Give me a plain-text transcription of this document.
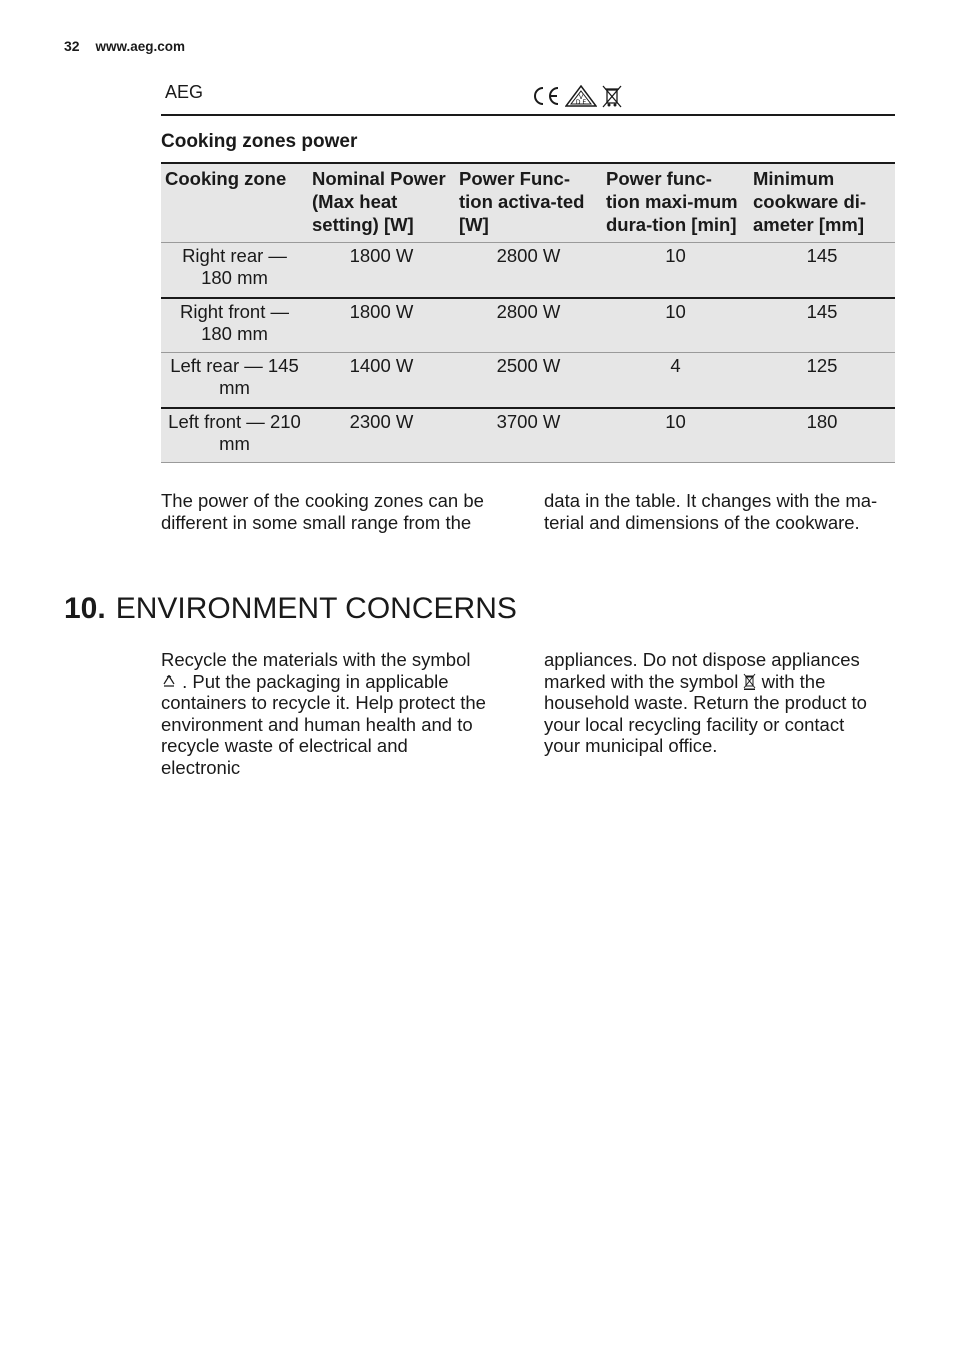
32 www.aeg.com
AEG	V
D E
Cooking zones power
Cooking zone	Nominal Power (Max heat setting) [W]	Power Func-tion activa-ted [W]	Power func-tion maxi-mum dura-tion [min]	Minimum cookware di-ameter [mm]
Right rear — 180 mm	1800 W	2800 W	10	145
Right front — 180 mm	1800 W	2800 W	10	145
Left rear — 145 mm	1400 W	2500 W	4	125
Left front — 210 mm	2300 W	3700 W	10	180
The power of the cooking zones can be different in some small range from the
data in the table. It changes with the ma-terial and dimensions of the cookware.
10. ENVIRONMENT CONCERNS
Recycle the materials with the symbol  . Put the packaging in applicable containers to recycle it. Help protect the environment and human health and to recycle waste of electrical and electronic
appliances. Do not dispose appliances marked with the symbol with the household waste. Return the product to your local recycling facility or contact your municipal office.
